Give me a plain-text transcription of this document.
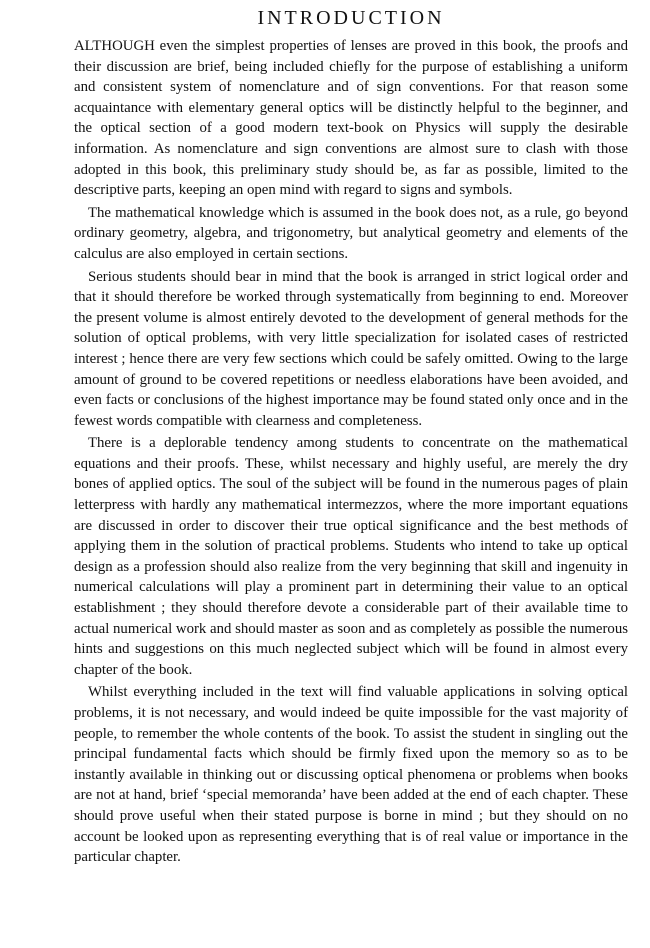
INTRODUCTION

ALTHOUGH even the simplest properties of lenses are proved in this book, the proofs and their discussion are brief, being included chiefly for the purpose of establishing a uniform and consistent system of nomenclature and of sign conventions. For that reason some acquaintance with elementary general optics will be distinctly helpful to the beginner, and the optical section of a good modern text-book on Physics will supply the desirable information. As nomenclature and sign conventions are almost sure to clash with those adopted in this book, this preliminary study should be, as far as possible, limited to the descriptive parts, keeping an open mind with regard to signs and symbols.

The mathematical knowledge which is assumed in the book does not, as a rule, go beyond ordinary geometry, algebra, and trigonometry, but analytical geometry and elements of the calculus are also employed in certain sections.

Serious students should bear in mind that the book is arranged in strict logical order and that it should therefore be worked through systematically from beginning to end. Moreover the present volume is almost entirely devoted to the development of general methods for the solution of optical problems, with very little specialization for isolated cases of restricted interest ; hence there are very few sections which could be safely omitted. Owing to the large amount of ground to be covered repetitions or needless elaborations have been avoided, and even facts or conclusions of the highest importance may be found stated only once and in the fewest words compatible with clearness and completeness.

There is a deplorable tendency among students to concentrate on the mathematical equations and their proofs. These, whilst necessary and highly useful, are merely the dry bones of applied optics. The soul of the subject will be found in the numerous pages of plain letterpress with hardly any mathematical intermezzos, where the more important equations are discussed in order to discover their true optical significance and the best methods of applying them in the solution of practical problems. Students who intend to take up optical design as a profession should also realize from the very beginning that skill and ingenuity in numerical calculations will play a prominent part in determining their value to an optical establishment ; they should therefore devote a considerable part of their available time to actual numerical work and should master as soon and as completely as possible the numerous hints and suggestions on this much neglected subject which will be found in almost every chapter of the book.

Whilst everything included in the text will find valuable applications in solving optical problems, it is not necessary, and would indeed be quite impossible for the vast majority of people, to remember the whole contents of the book. To assist the student in singling out the principal fundamental facts which should be firmly fixed upon the memory so as to be instantly available in thinking out or discussing optical phenomena or problems when books are not at hand, brief ‘special memoranda’ have been added at the end of each chapter. These should prove useful when their stated purpose is borne in mind ; but they should on no account be looked upon as representing everything that is of real value or importance in the particular chapter.
